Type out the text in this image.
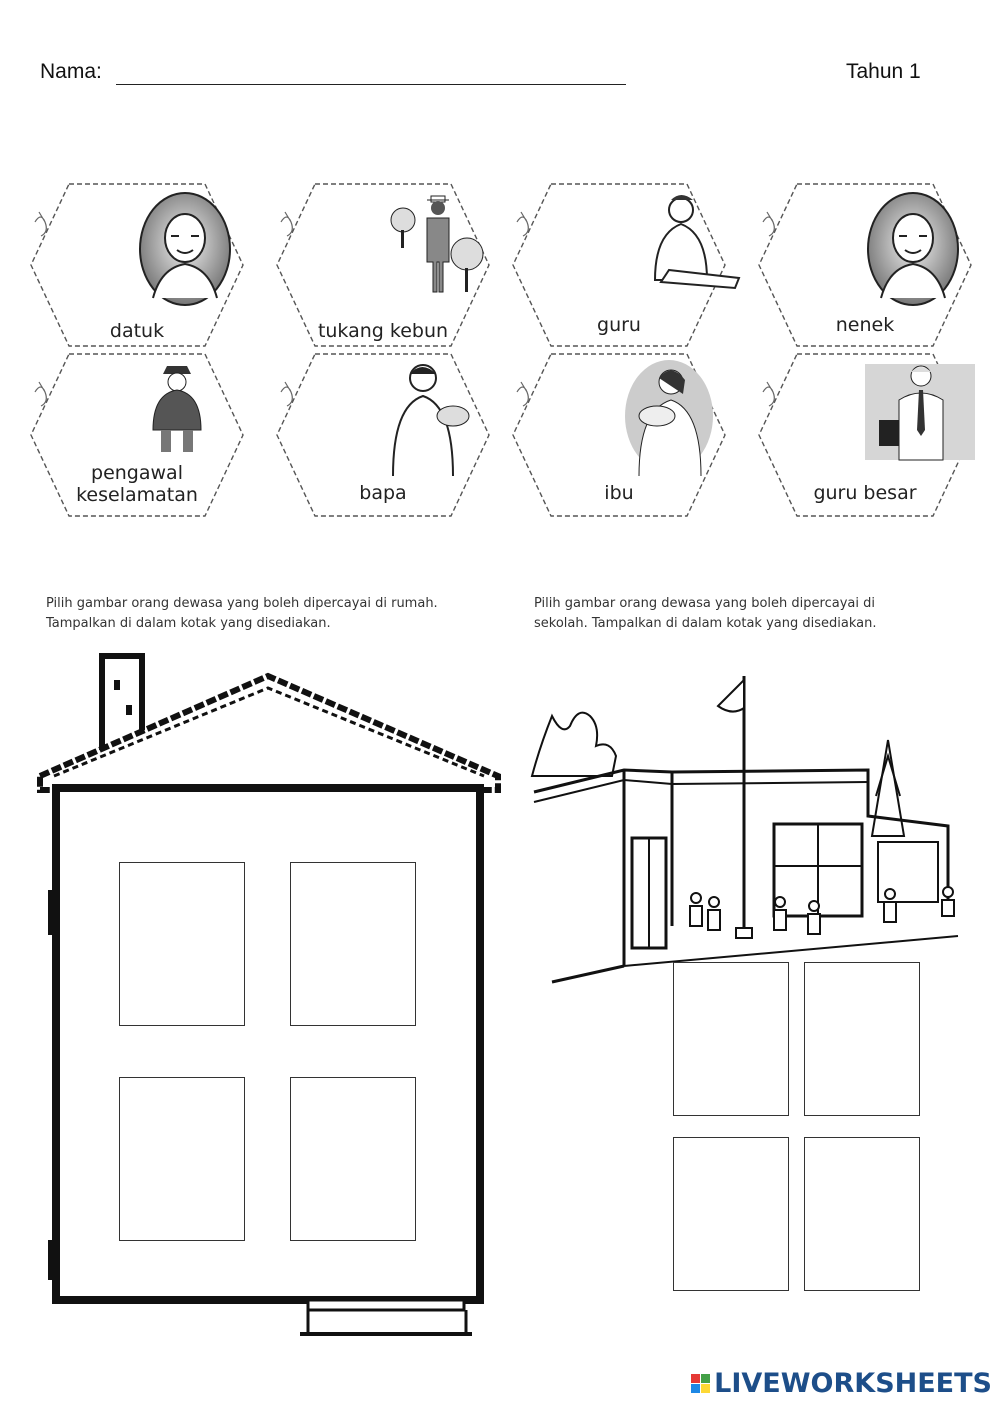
Nama:	Tahun 1
datuk	tukang kebun	guru	nenek
pengawal
keselamatan	bapa	ibu	guru besar
Pilih gambar orang dewasa yang boleh dipercayai di rumah.
Tampalkan di dalam kotak yang disediakan.
Pilih gambar orang dewasa yang boleh dipercayai di
sekolah. Tampalkan di dalam kotak yang disediakan.
LIVEWORKSHEETS
